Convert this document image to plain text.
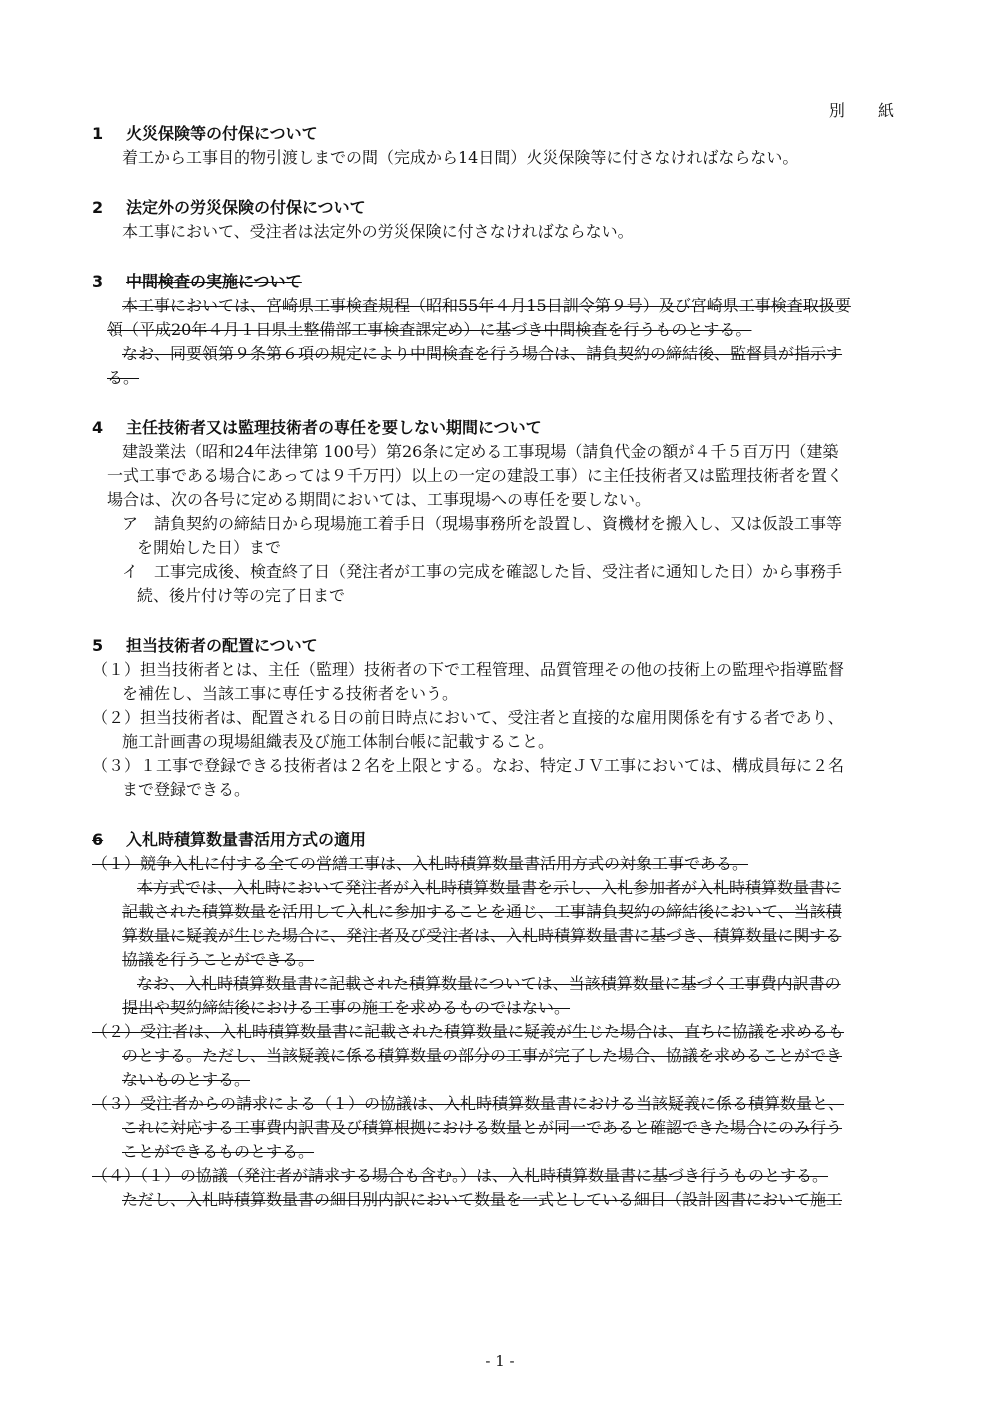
別 紙
1 火災保険等の付保について
着工から工事目的物引渡しまでの間（完成から14日間）火災保険等に付さなければならない。
2 法定外の労災保険の付保について
本工事において、受注者は法定外の労災保険に付さなければならない。
3 中間検査の実施について
本工事においては、宮崎県工事検査規程（昭和55年４月15日訓令第９号）及び宮崎県工事検査取扱要
領（平成20年４月１日県土整備部工事検査課定め）に基づき中間検査を行うものとする。
なお、同要領第９条第６項の規定により中間検査を行う場合は、請負契約の締結後、監督員が指示す
る。
4 主任技術者又は監理技術者の専任を要しない期間について
建設業法（昭和24年法律第 100号）第26条に定める工事現場（請負代金の額が４千５百万円（建築
一式工事である場合にあっては９千万円）以上の一定の建設工事）に主任技術者又は監理技術者を置く
場合は、次の各号に定める期間においては、工事現場への専任を要しない。
ア　請負契約の締結日から現場施工着手日（現場事務所を設置し、資機材を搬入し、又は仮設工事等
を開始した日）まで
イ　工事完成後、検査終了日（発注者が工事の完成を確認した旨、受注者に通知した日）から事務手
続、後片付け等の完了日まで
5 担当技術者の配置について
（１）担当技術者とは、主任（監理）技術者の下で工程管理、品質管理その他の技術上の監理や指導監督
を補佐し、当該工事に専任する技術者をいう。
（２）担当技術者は、配置される日の前日時点において、受注者と直接的な雇用関係を有する者であり、
施工計画書の現場組織表及び施工体制台帳に記載すること。
（３）１工事で登録できる技術者は２名を上限とする。なお、特定ＪＶ工事においては、構成員毎に２名
まで登録できる。
6 入札時積算数量書活用方式の適用
（１）競争入札に付する全ての営繕工事は、入札時積算数量書活用方式の対象工事である。
本方式では、入札時において発注者が入札時積算数量書を示し、入札参加者が入札時積算数量書に
記載された積算数量を活用して入札に参加することを通じ、工事請負契約の締結後において、当該積
算数量に疑義が生じた場合に、発注者及び受注者は、入札時積算数量書に基づき、積算数量に関する
協議を行うことができる。
なお、入札時積算数量書に記載された積算数量については、当該積算数量に基づく工事費内訳書の
提出や契約締結後における工事の施工を求めるものではない。
（２）受注者は、入札時積算数量書に記載された積算数量に疑義が生じた場合は、直ちに協議を求めるも
のとする。ただし、当該疑義に係る積算数量の部分の工事が完了した場合、協議を求めることができ
ないものとする。
（３）受注者からの請求による（１）の協議は、入札時積算数量書における当該疑義に係る積算数量と、
これに対応する工事費内訳書及び積算根拠における数量とが同一であると確認できた場合にのみ行う
ことができるものとする。
（４）（１）の協議（発注者が請求する場合も含む。）は、入札時積算数量書に基づき行うものとする。
ただし、入札時積算数量書の細目別内訳において数量を一式としている細目（設計図書において施工
- 1 -
